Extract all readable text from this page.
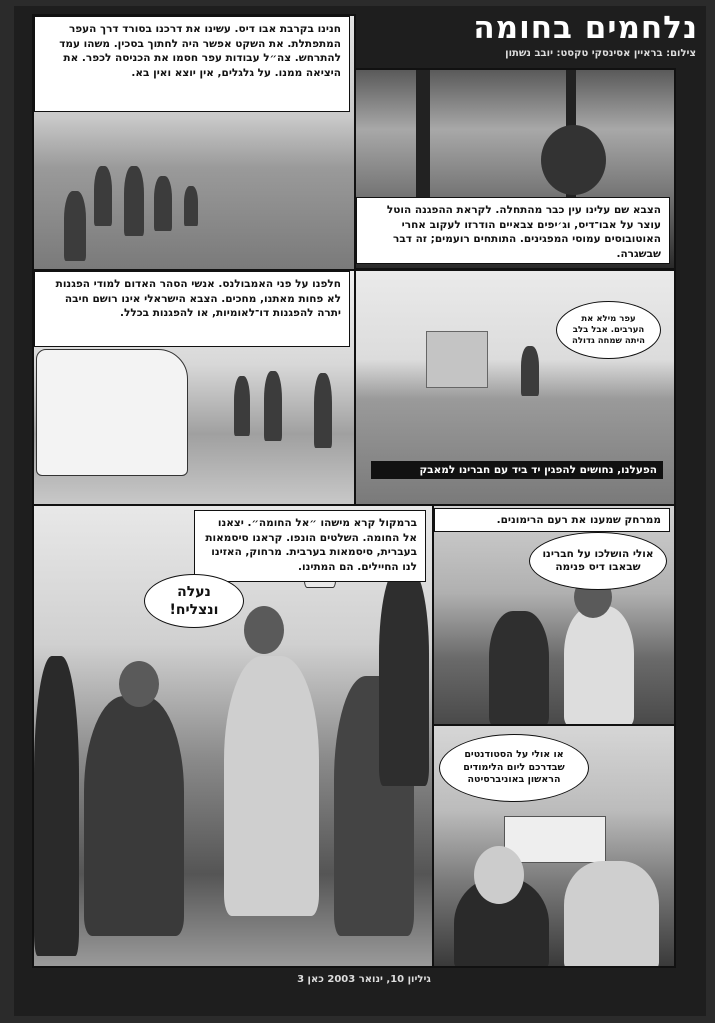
נלחמים בחומה
צילום: בראיין אסינסקי טקסט: יובב נשתון
חנינו בקרבת אבו דיס. עשינו את דרכנו בסורד דרך העפר המתפתלת. את השקט אפשר היה לחתוך בסכין. משהו עמד להתרחש. צה״ל עבודות עפר חסמו את הכניסה לכפר. את היציאה ממנו. על גלגלים, אין יוצא ואין בא.
הצבא שם עלינו עין כבר מהתחלה. לקראת ההפגנה הוטל עוצר על אבו־דיס, וג׳יפים צבאיים הודרזו לעקוב אחרי האוטובוסים עמוסי המפגינים. התותחים רועמים; זה דבר שבשגרה.
חלפנו על פני האמבולנס. אנשי הסהר האדום למודי הפגנות לא פחות מאתנו, מחכים. הצבא הישראלי אינו רושם חיבה יתרה להפגנות דו־לאומיות, או להפגנות בכלל.	עפר מילא את הערבים. אבל בלב היתה שמחה גדולה
הפעלנו, נחושים להפגין יד ביד עם חברינו למאבק
ברמקול קרא מישהו ״אל החומה״. יצאנו אל החומה. השלטים הונפו. קראנו סיסמאות בעברית, סיסמאות בערבית. מרחוק, האזינו לנו החיילים. הם המתינו.
נעלה ונצליח!
ממרחק שמענו את רעם הרימונים.
אולי הושלכו על חברינו שבאבו דיס פנימה
או אולי על הסטודנטים שבדרכם ליום הלימודים הראשון באוניברסיטה
גיליון 10, ינואר 2003 כאן 3
